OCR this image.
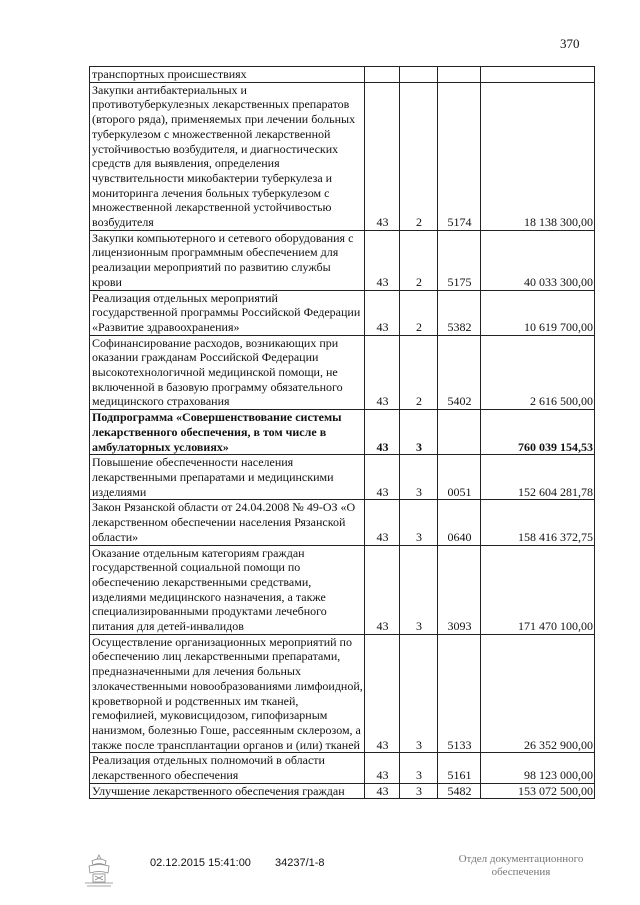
370
транспортных происшествиях				
Закупки антибактериальных и противотуберкулезных лекарственных препаратов (второго ряда), применяемых при лечении больных туберкулезом с множественной лекарственной устойчивостью возбудителя, и диагностических средств для выявления, определения чувствительности микобактерии туберкулеза и мониторинга лечения больных туберкулезом с множественной лекарственной устойчивостью возбудителя	43	2	5174	18 138 300,00
Закупки компьютерного и сетевого оборудования с лицензионным программным обеспечением для реализации мероприятий по развитию службы крови	43	2	5175	40 033 300,00
Реализация отдельных мероприятий государственной программы Российской Федерации «Развитие здравоохранения»	43	2	5382	10 619 700,00
Софинансирование расходов, возникающих при оказании гражданам Российской Федерации высокотехнологичной медицинской помощи, не включенной в базовую программу обязательного медицинского страхования	43	2	5402	2 616 500,00
Подпрограмма «Совершенствование системы лекарственного обеспечения, в том числе в амбулаторных условиях»	43	3		760 039 154,53
Повышение обеспеченности населения лекарственными препаратами и медицинскими изделиями	43	3	0051	152 604 281,78
Закон Рязанской области от 24.04.2008 № 49-ОЗ «О лекарственном обеспечении населения Рязанской области»	43	3	0640	158 416 372,75
Оказание отдельным категориям граждан государственной социальной помощи по обеспечению лекарственными средствами, изделиями медицинского назначения, а также специализированными продуктами лечебного питания для детей-инвалидов	43	3	3093	171 470 100,00
Осуществление организационных мероприятий по обеспечению лиц лекарственными препаратами, предназначенными для лечения больных злокачественными новообразованиями лимфоидной, кроветворной и родственных им тканей, гемофилией, муковисцидозом, гипофизарным нанизмом, болезнью Гоше, рассеянным склерозом, а также после трансплантации органов и (или) тканей	43	3	5133	26 352 900,00
Реализация отдельных полномочий в области лекарственного обеспечения	43	3	5161	98 123 000,00
Улучшение лекарственного обеспечения граждан	43	3	5482	153 072 500,00
02.12.2015 15:41:00 34237/1-8	Отдел документационного
обеспечения
